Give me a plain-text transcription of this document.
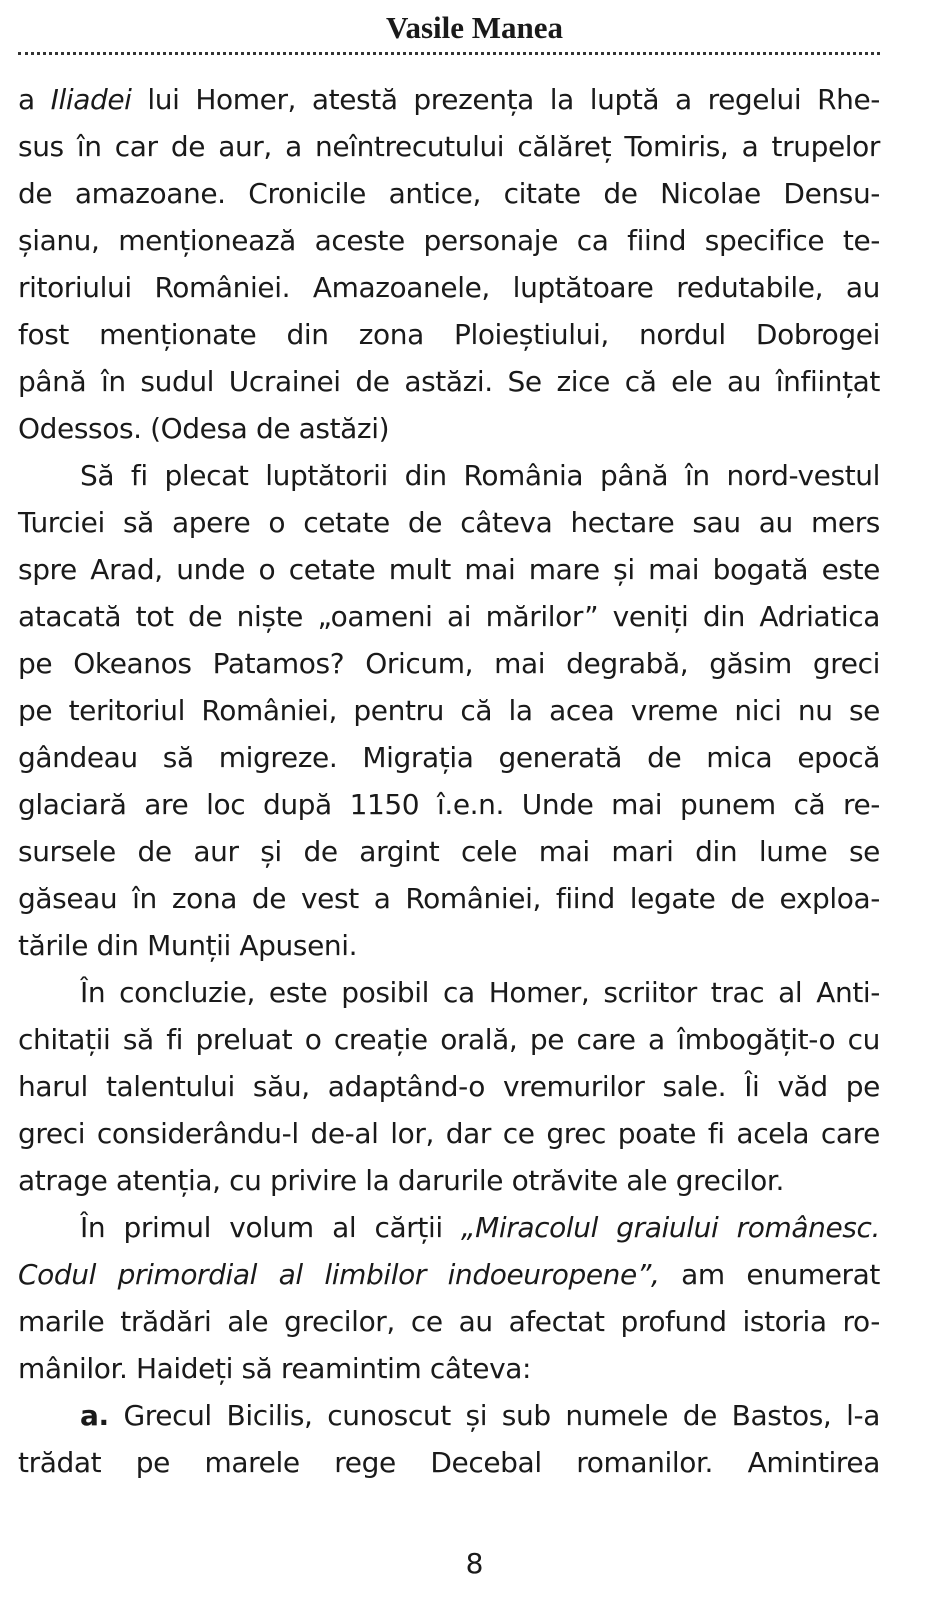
Vasile Manea
a Iliadei lui Homer, atestă prezența la luptă a regelui Rhe-
sus în car de aur, a neîntrecutului călăreț Tomiris, a trupelor
de amazoane. Cronicile antice, citate de Nicolae Densu-
șianu, menționează aceste personaje ca fiind specifice te-
ritoriului României. Amazoanele, luptătoare redutabile, au
fost menționate din zona Ploieștiului, nordul Dobrogei
până în sudul Ucrainei de astăzi. Se zice că ele au înființat
Odessos. (Odesa de astăzi)
Să fi plecat luptătorii din România până în nord-vestul
Turciei să apere o cetate de câteva hectare sau au mers
spre Arad, unde o cetate mult mai mare și mai bogată este
atacată tot de niște „oameni ai mărilor” veniți din Adriatica
pe Okeanos Patamos? Oricum, mai degrabă, găsim greci
pe teritoriul României, pentru că la acea vreme nici nu se
gândeau să migreze. Migrația generată de mica epocă
glaciară are loc după 1150 î.e.n. Unde mai punem că re-
sursele de aur și de argint cele mai mari din lume se
găseau în zona de vest a României, fiind legate de exploa-
tările din Munții Apuseni.
În concluzie, este posibil ca Homer, scriitor trac al Anti-
chitații să fi preluat o creație orală, pe care a îmbogățit-o cu
harul talentului său, adaptând-o vremurilor sale. Îi văd pe
greci considerându-l de-al lor, dar ce grec poate fi acela care
atrage atenția, cu privire la darurile otrăvite ale grecilor.
În primul volum al cărții „Miracolul graiului românesc.
Codul primordial al limbilor indoeuropene”, am enumerat
marile trădări ale grecilor, ce au afectat profund istoria ro-
mânilor. Haideți să reamintim câteva:
a. Grecul Bicilis, cunoscut și sub numele de Bastos, l-a
trădat pe marele rege Decebal romanilor. Amintirea
8
